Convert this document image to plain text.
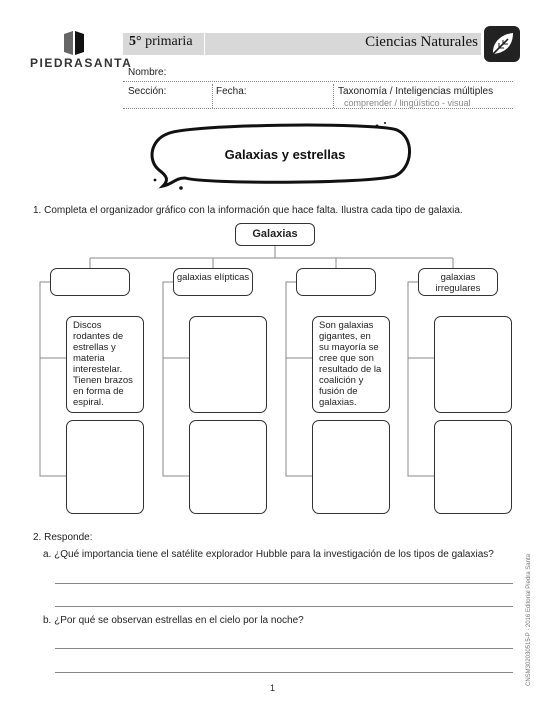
PIEDRASANTA
5° primaria	Ciencias Naturales
Nombre:
Sección:	Fecha:	Taxonomía / Inteligencias múltiples
comprender / lingüístico - visual
Galaxias y estrellas
1. Completa el organizador gráfico con la información que hace falta. Ilustra cada tipo de galaxia.
Galaxias
Discos rodantes de estrellas y materia interestelar. Tienen brazos en forma de espiral.
galaxias elípticas
Son galaxias gigantes, en su mayoría se cree que son resultado de la coalición y fusión de galaxias.
galaxias irregulares
2. Responde:
a. ¿Qué importancia tiene el satélite explorador Hubble para la investigación de los tipos de galaxias?
b. ¿Por qué se observan estrellas en el cielo por la noche?	CNSM302030515-P · 2016 Editorial Piedra Santa
1
